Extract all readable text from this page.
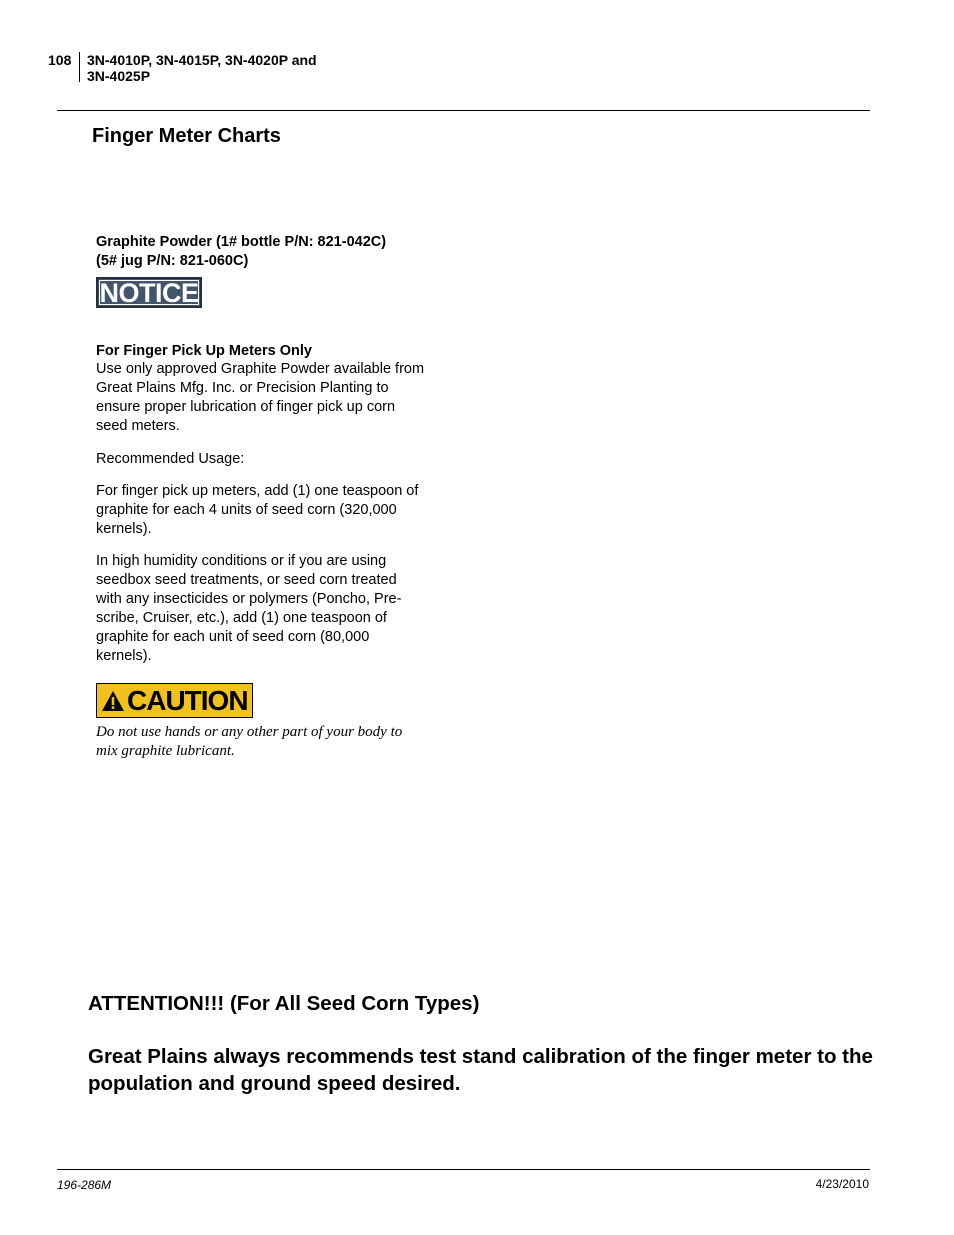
108 3N-4010P, 3N-4015P, 3N-4020P and
3N-4025P
Finger Meter Charts
Graphite Powder (1# bottle P/N: 821-042C)
(5# jug P/N: 821-060C)
NOTICE
For Finger Pick Up Meters Only
Use only approved Graphite Powder available from Great Plains Mfg. Inc. or Precision Planting to ensure proper lubrication of finger pick up corn seed meters.
Recommended Usage:
For finger pick up meters, add (1) one teaspoon of graphite for each 4 units of seed corn (320,000 kernels).
In high humidity conditions or if you are using seedbox seed treatments, or seed corn treated with any insecticides or polymers (Poncho, Pre-scribe, Cruiser, etc.), add (1) one teaspoon of graphite for each unit of seed corn (80,000 kernels).
CAUTION
Do not use hands or any other part of your body to mix graphite lubricant.
ATTENTION!!! (For All Seed Corn Types)
Great Plains always recommends test stand calibration of the finger meter to the population and ground speed desired.
196-286M	4/23/2010
